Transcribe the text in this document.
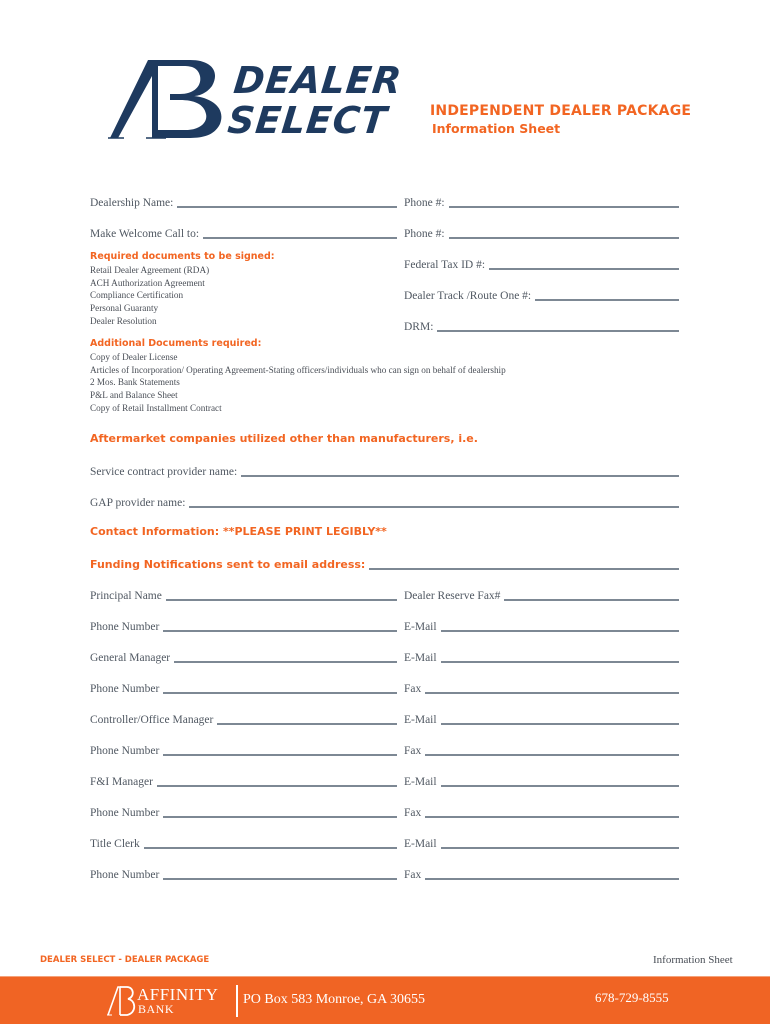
DEALER
SELECT	INDEPENDENT DEALER PACKAGE
Information Sheet
Dealership Name:	Phone #:
Make Welcome Call to:	Phone #:
Federal Tax ID #:
Dealer Track /Route One #:
DRM:
Required documents to be signed:
Retail Dealer Agreement (RDA)
ACH Authorization Agreement
Compliance Certification
Personal Guaranty
Dealer Resolution
Additional Documents required:
Copy of Dealer License
Articles of Incorporation/ Operating Agreement-Stating officers/individuals who can sign on behalf of dealership
2 Mos. Bank Statements
P&L and Balance Sheet
Copy of Retail Installment Contract
Aftermarket companies utilized other than manufacturers, i.e.
Service contract provider name:
GAP provider name:
Contact Information: **PLEASE PRINT LEGIBLY**
Funding Notifications sent to email address:
Principal Name	Dealer Reserve Fax#
Phone Number	E-Mail
General Manager	E-Mail
Phone Number	Fax
Controller/Office Manager	E-Mail
Phone Number	Fax
F&I Manager	E-Mail
Phone Number	Fax
Title Clerk	E-Mail
Phone Number	Fax
DEALER SELECT - DEALER PACKAGE	Information Sheet
AFFINITY
BANK
PO Box 583 Monroe, GA 30655	678-729-8555
